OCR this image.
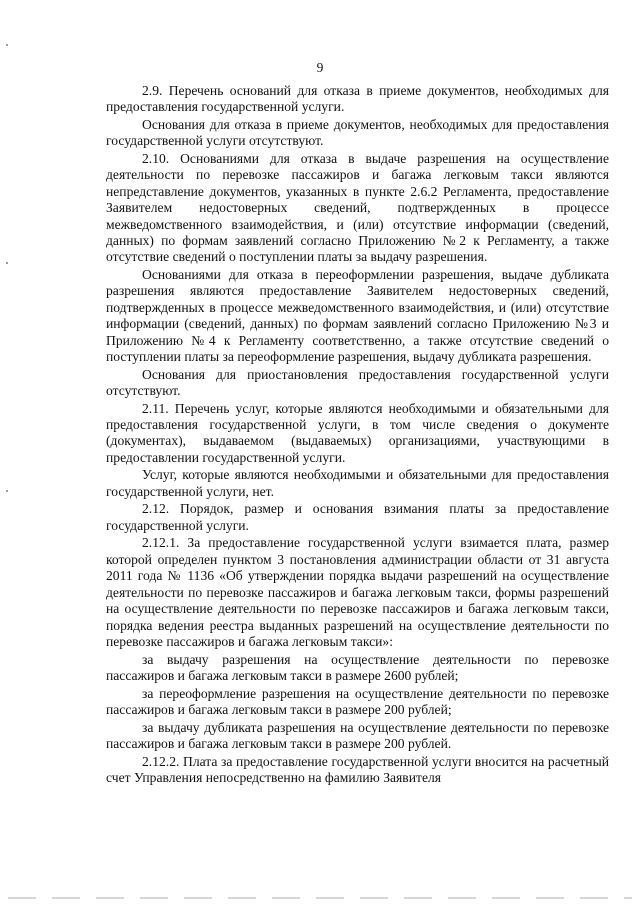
9

2.9. Перечень оснований для отказа в приеме документов, необходимых для предоставления государственной услуги.

Основания для отказа в приеме документов, необходимых для предоставления государственной услуги отсутствуют.

2.10. Основаниями для отказа в выдаче разрешения на осуществление деятельности по перевозке пассажиров и багажа легковым такси являются непредставление документов, указанных в пункте 2.6.2 Регламента, предоставление Заявителем недостоверных сведений, подтвержденных в процессе межведомственного взаимодействия, и (или) отсутствие информации (сведений, данных) по формам заявлений согласно Приложению №2 к Регламенту, а также отсутствие сведений о поступлении платы за выдачу разрешения.

Основаниями для отказа в переоформлении разрешения, выдаче дубликата разрешения являются предоставление Заявителем недостоверных сведений, подтвержденных в процессе межведомственного взаимодействия, и (или) отсутствие информации (сведений, данных) по формам заявлений согласно Приложению №3 и Приложению №4 к Регламенту соответственно, а также отсутствие сведений о поступлении платы за переоформление разрешения, выдачу дубликата разрешения.

Основания для приостановления предоставления государственной услуги отсутствуют.

2.11. Перечень услуг, которые являются необходимыми и обязательными для предоставления государственной услуги, в том числе сведения о документе (документах), выдаваемом (выдаваемых) организациями, участвующими в предоставлении государственной услуги.

Услуг, которые являются необходимыми и обязательными для предоставления государственной услуги, нет.

2.12. Порядок, размер и основания взимания платы за предоставление государственной услуги.

2.12.1. За предоставление государственной услуги взимается плата, размер которой определен пунктом 3 постановления администрации области от 31 августа 2011 года № 1136 «Об утверждении порядка выдачи разрешений на осуществление деятельности по перевозке пассажиров и багажа легковым такси, формы разрешений на осуществление деятельности по перевозке пассажиров и багажа легковым такси, порядка ведения реестра выданных разрешений на осуществление деятельности по перевозке пассажиров и багажа легковым такси»:

за выдачу разрешения на осуществление деятельности по перевозке пассажиров и багажа легковым такси в размере 2600 рублей;

за переоформление разрешения на осуществление деятельности по перевозке пассажиров и багажа легковым такси в размере 200 рублей;

за выдачу дубликата разрешения на осуществление деятельности по перевозке пассажиров и багажа легковым такси в размере 200 рублей.

2.12.2. Плата за предоставление государственной услуги вносится на расчетный счет Управления непосредственно на фамилию Заявителя
